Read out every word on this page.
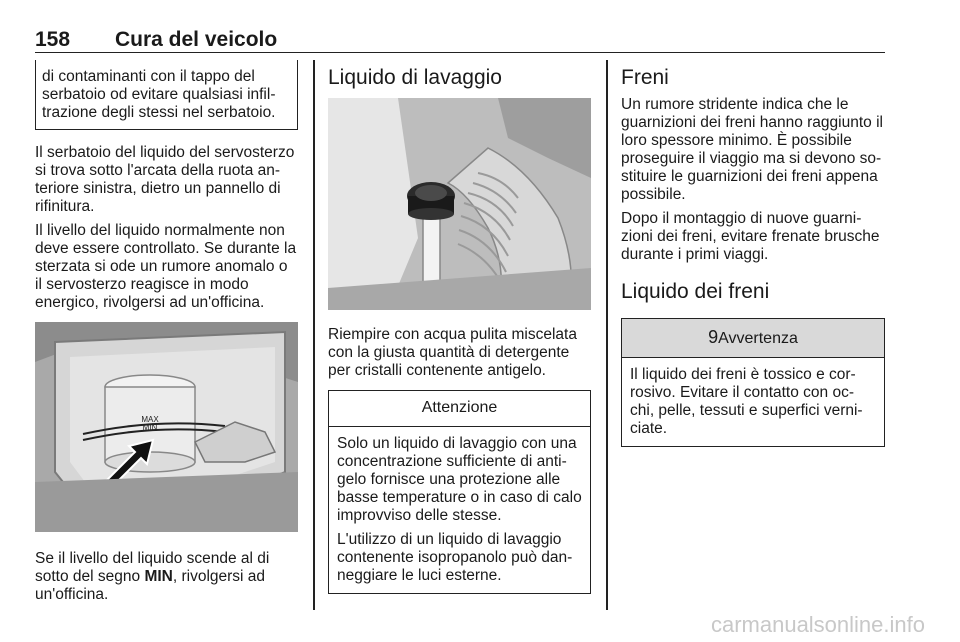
158 Cura del veicolo

di contaminanti con il tappo del serbatoio od evitare qualsiasi infil-trazione degli stessi nel serbatoio.

Il serbatoio del liquido del servosterzo si trova sotto l'arcata della ruota an-teriore sinistra, dietro un pannello di rifinitura.

Il livello del liquido normalmente non deve essere controllato. Se durante la sterzata si ode un rumore anomalo o il servosterzo reagisce in modo energico, rivolgersi ad un'officina.

MAX
MIN

Se il livello del liquido scende al di sotto del segno MIN, rivolgersi ad un'officina.

Liquido di lavaggio

Riempire con acqua pulita miscelata con la giusta quantità di detergente per cristalli contenente antigelo.

Attenzione

Solo un liquido di lavaggio con una concentrazione sufficiente di anti-gelo fornisce una protezione alle basse temperature o in caso di calo improvviso delle stesse.

L'utilizzo di un liquido di lavaggio contenente isopropanolo può dan-neggiare le luci esterne.

Freni

Un rumore stridente indica che le guarnizioni dei freni hanno raggiunto il loro spessore minimo. È possibile proseguire il viaggio ma si devono so-stituire le guarnizioni dei freni appena possibile.

Dopo il montaggio di nuove guarni-zioni dei freni, evitare frenate brusche durante i primi viaggi.

Liquido dei freni
9Avvertenza

Il liquido dei freni è tossico e cor-rosivo. Evitare il contatto con oc-chi, pelle, tessuti e superfici verni-ciate.

carmanualsonline.info
